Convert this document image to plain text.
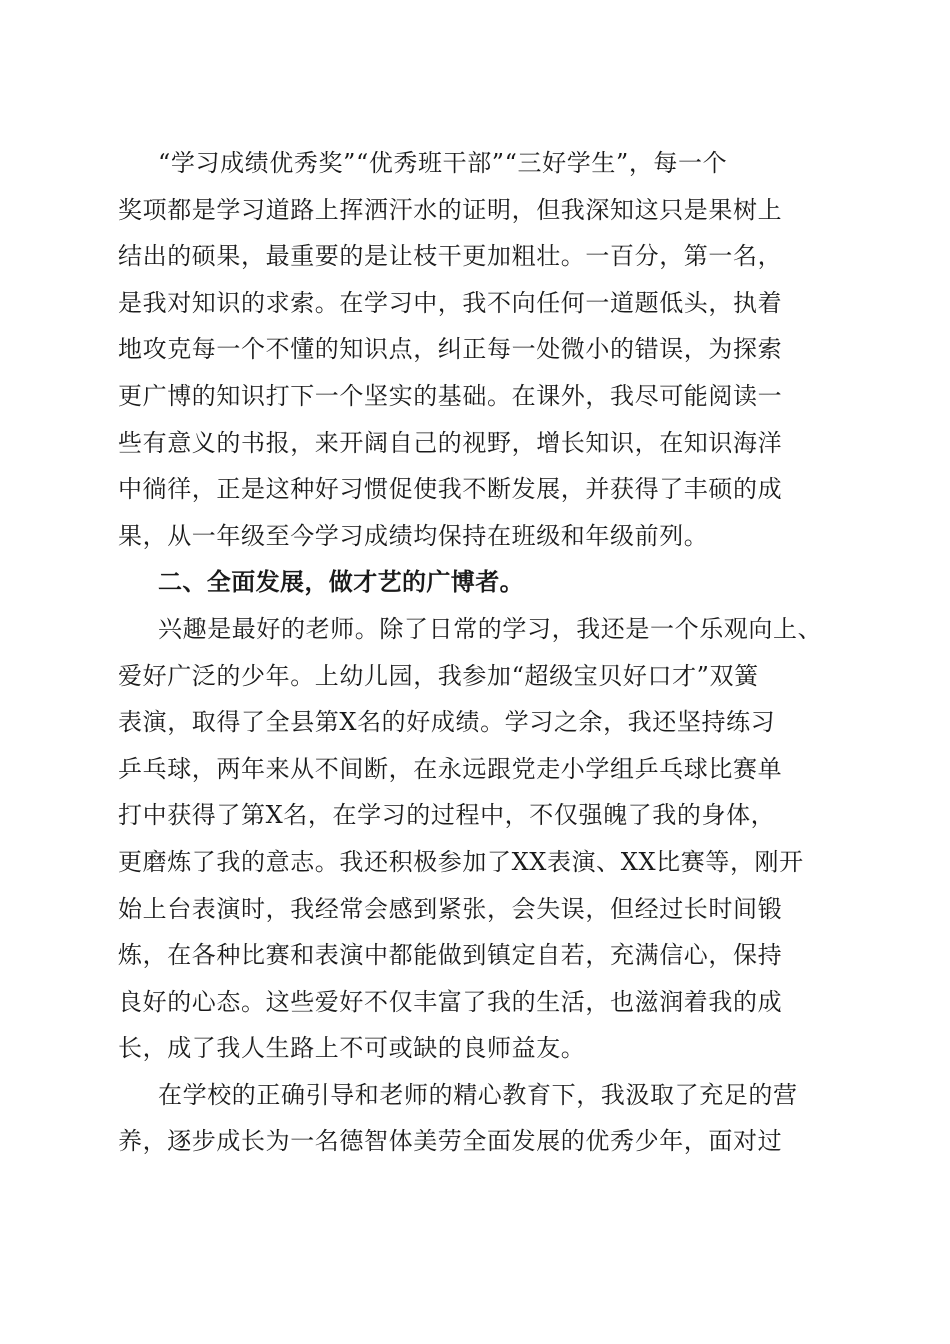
“学习成绩优秀奖”“优秀班干部”“三好学生”，每一个
奖项都是学习道路上挥洒汗水的证明，但我深知这只是果树上
结出的硕果，最重要的是让枝干更加粗壮。一百分，第一名，
是我对知识的求索。在学习中，我不向任何一道题低头，执着
地攻克每一个不懂的知识点，纠正每一处微小的错误，为探索
更广博的知识打下一个坚实的基础。在课外，我尽可能阅读一
些有意义的书报，来开阔自己的视野，增长知识，在知识海洋
中徜徉，正是这种好习惯促使我不断发展，并获得了丰硕的成
果，从一年级至今学习成绩均保持在班级和年级前列。
二、全面发展，做才艺的广博者。
兴趣是最好的老师。除了日常的学习，我还是一个乐观向上、
爱好广泛的少年。上幼儿园，我参加“超级宝贝好口才”双簧
表演，取得了全县第X名的好成绩。学习之余，我还坚持练习
乒乓球，两年来从不间断，在永远跟党走小学组乒乓球比赛单
打中获得了第X名，在学习的过程中，不仅强魄了我的身体，
更磨炼了我的意志。我还积极参加了XX表演、XX比赛等，刚开
始上台表演时，我经常会感到紧张，会失误，但经过长时间锻
炼，在各种比赛和表演中都能做到镇定自若，充满信心，保持
良好的心态。这些爱好不仅丰富了我的生活，也滋润着我的成
长，成了我人生路上不可或缺的良师益友。
在学校的正确引导和老师的精心教育下，我汲取了充足的营
养，逐步成长为一名德智体美劳全面发展的优秀少年，面对过
